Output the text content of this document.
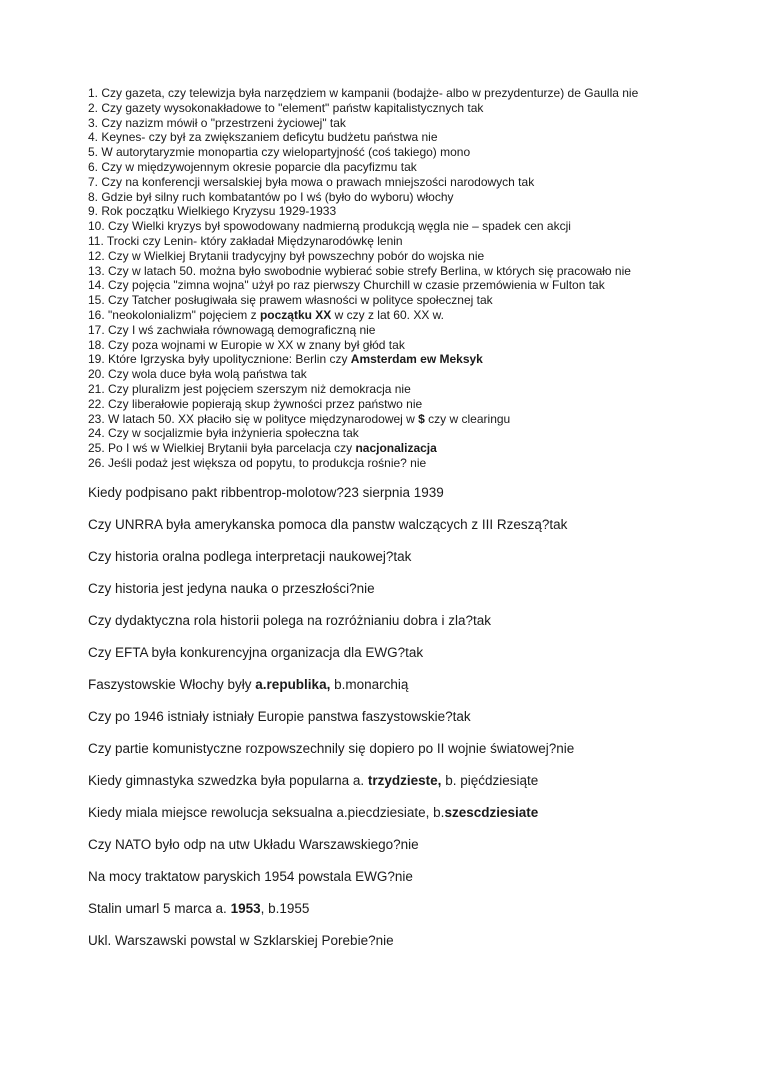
1. Czy gazeta, czy telewizja była narzędziem w kampanii (bodajże- albo w prezydenturze) de Gaulla nie
2. Czy gazety wysokonakładowe to "element" państw kapitalistycznych tak
3. Czy nazizm mówił o "przestrzeni życiowej" tak
4. Keynes- czy był za zwiększaniem deficytu budżetu państwa nie
5. W autorytaryzmie monopartia czy wielopartyjność (coś takiego) mono
6. Czy w międzywojennym okresie poparcie dla pacyfizmu tak
7. Czy na konferencji wersalskiej była mowa o prawach mniejszości narodowych tak
8. Gdzie był silny ruch kombatantów po I wś (było do wyboru) włochy
9. Rok początku Wielkiego Kryzysu 1929-1933
10. Czy Wielki kryzys był spowodowany nadmierną produkcją węgla nie – spadek cen akcji
11. Trocki czy Lenin- który zakładał Międzynarodówkę lenin
12. Czy w Wielkiej Brytanii tradycyjny był powszechny pobór do wojska nie
13. Czy w latach 50. można było swobodnie wybierać sobie strefy Berlina, w których się pracowało nie
14. Czy pojęcia "zimna wojna" użył po raz pierwszy Churchill w czasie przemówienia w Fulton tak
15. Czy Tatcher posługiwała się prawem własności w polityce społecznej tak
16. "neokolonializm" pojęciem z początku XX w czy z lat 60. XX w.
17. Czy I wś zachwiała równowagą demograficzną nie
18. Czy poza wojnami w Europie w XX w znany był głód tak
19. Które Igrzyska były upolitycznione: Berlin czy Amsterdam ew Meksyk
20. Czy wola duce była wolą państwa tak
21. Czy pluralizm jest pojęciem szerszym niż demokracja nie
22. Czy liberałowie popierają skup żywności przez państwo nie
23. W latach 50. XX płaciło się w polityce międzynarodowej w $ czy w clearingu
24. Czy w socjalizmie była inżynieria społeczna tak
25. Po I wś w Wielkiej Brytanii była parcelacja czy nacjonalizacja
26. Jeśli podaż jest większa od popytu, to produkcja rośnie? nie
Kiedy podpisano pakt ribbentrop-molotow?23 sierpnia 1939
Czy UNRRA była amerykanska pomoca dla panstw walczących z III Rzeszą?tak
Czy historia oralna podlega interpretacji naukowej?tak
Czy historia jest jedyna nauka o przeszłości?nie
Czy dydaktyczna rola historii polega na rozróżnianiu dobra i zla?tak
Czy EFTA była konkurencyjna organizacja dla EWG?tak
Faszystowskie Włochy były a.republika, b.monarchią
Czy po 1946 istniały istniały Europie panstwa faszystowskie?tak
Czy partie komunistyczne rozpowszechnily się dopiero po II wojnie światowej?nie
Kiedy gimnastyka szwedzka była popularna a. trzydzieste, b. pięćdziesiąte
Kiedy miala miejsce rewolucja seksualna a.piecdziesiate, b.szescdziesiate
Czy NATO było odp na utw Układu Warszawskiego?nie
Na mocy traktatow paryskich 1954 powstala EWG?nie
Stalin umarl 5 marca a. 1953, b.1955
Ukl. Warszawski powstal w Szklarskiej Porebie?nie
